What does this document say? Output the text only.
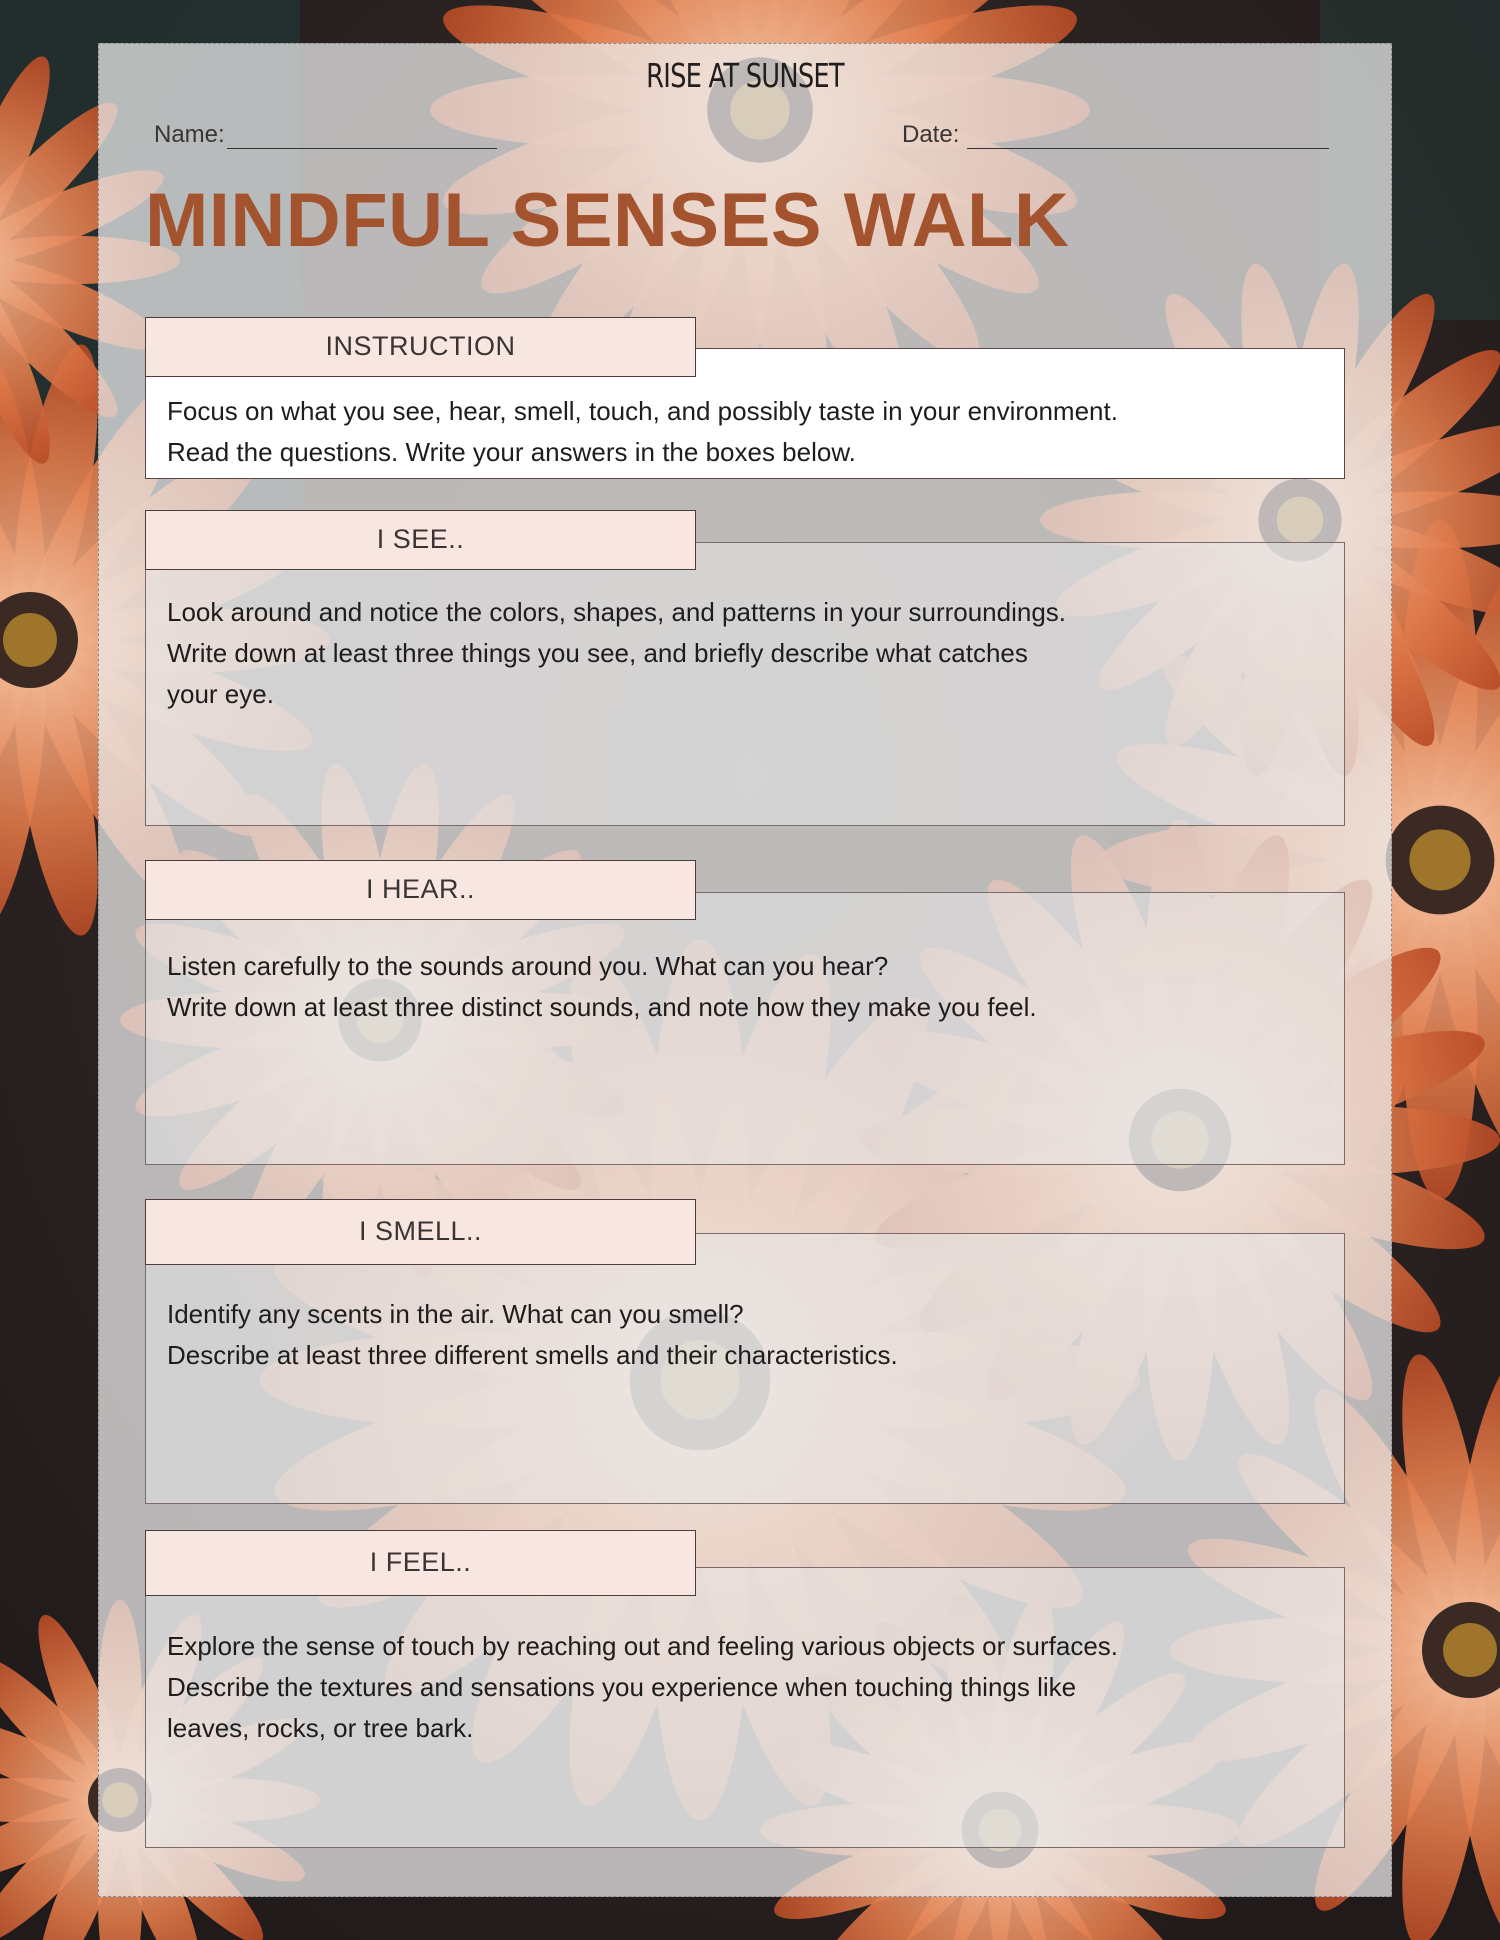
RISE AT SUNSET
Name:	Date:
MINDFUL SENSES WALK
INSTRUCTION
Focus on what you see, hear, smell, touch, and possibly taste in your environment.
Read the questions. Write your answers in the boxes below.
I SEE..
Look around and notice the colors, shapes, and patterns in your surroundings.
Write down at least three things you see, and briefly describe what catches
your eye.
I HEAR..
Listen carefully to the sounds around you. What can you hear?
Write down at least three distinct sounds, and note how they make you feel.
I SMELL..
Identify any scents in the air. What can you smell?
Describe at least three different smells and their characteristics.
I FEEL..
Explore the sense of touch by reaching out and feeling various objects or surfaces.
Describe the textures and sensations you experience when touching things like
leaves, rocks, or tree bark.
